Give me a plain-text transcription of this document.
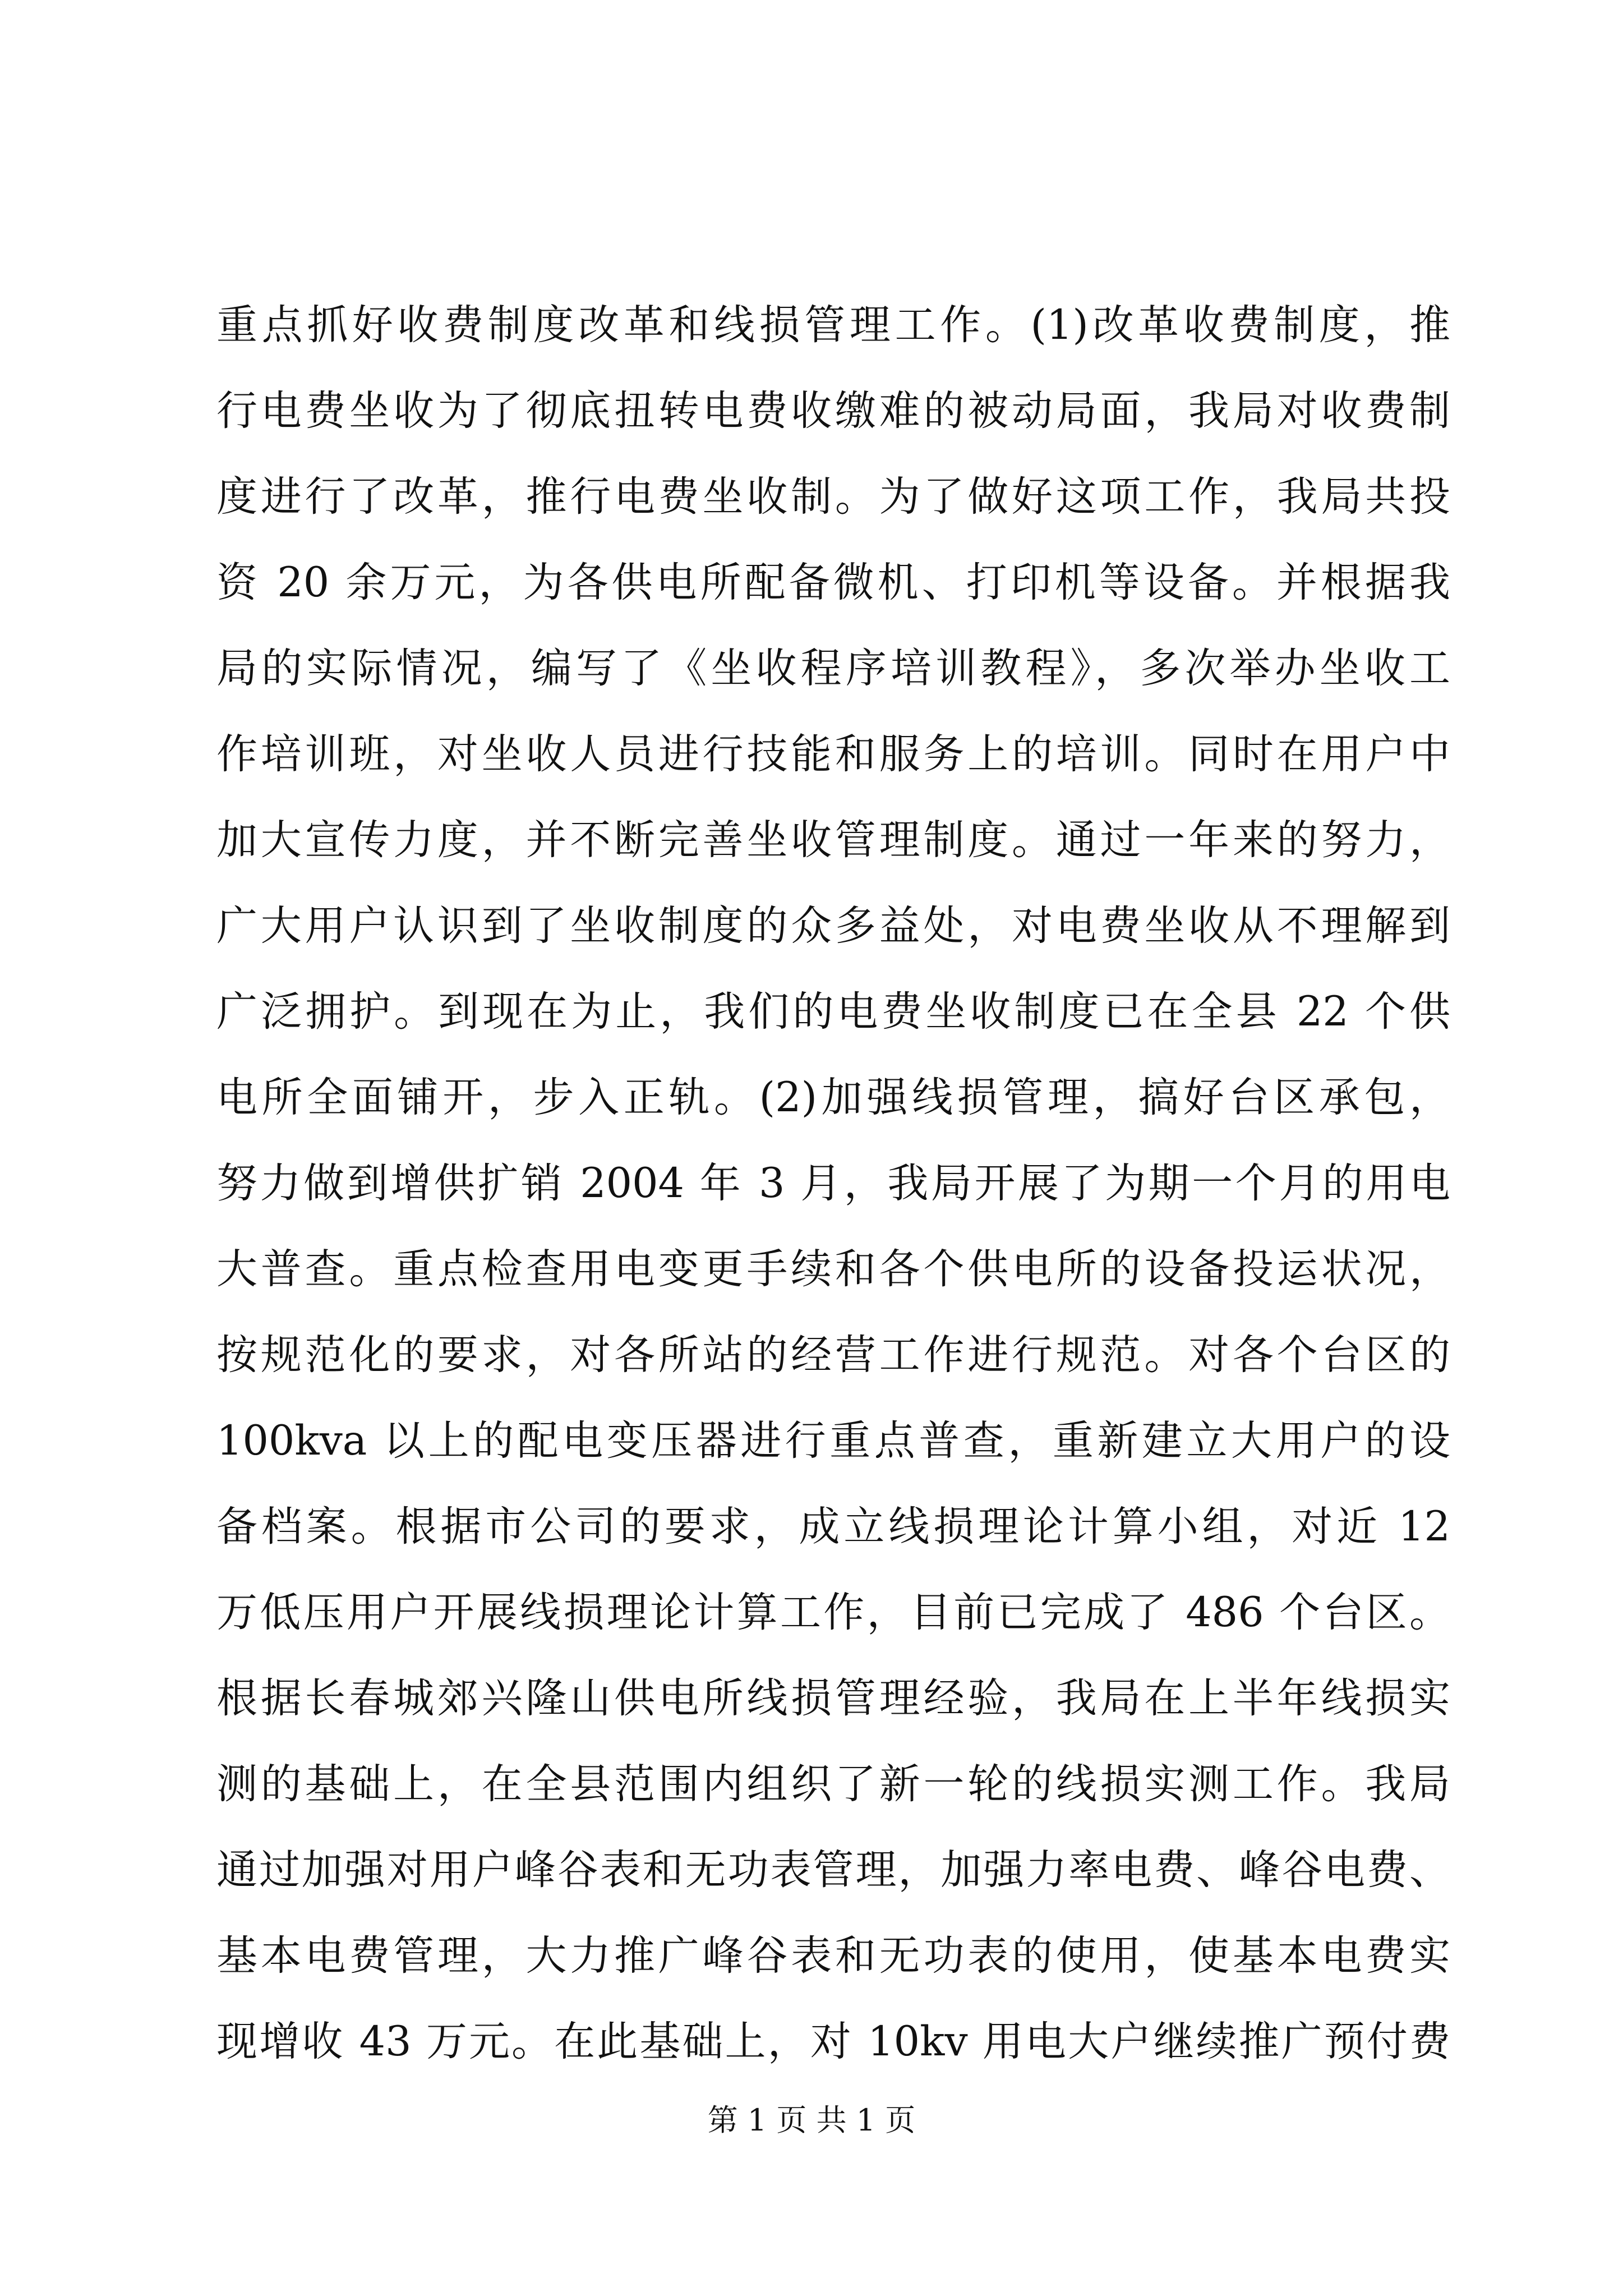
重点抓好收费制度改革和线损管理工作。(1)改革收费制度，推
行电费坐收为了彻底扭转电费收缴难的被动局面，我局对收费制
度进行了改革，推行电费坐收制。为了做好这项工作，我局共投
资 20 余万元，为各供电所配备微机、打印机等设备。并根据我
局的实际情况，编写了《坐收程序培训教程》，多次举办坐收工
作培训班，对坐收人员进行技能和服务上的培训。同时在用户中
加大宣传力度，并不断完善坐收管理制度。通过一年来的努力，
广大用户认识到了坐收制度的众多益处，对电费坐收从不理解到
广泛拥护。到现在为止，我们的电费坐收制度已在全县 22 个供
电所全面铺开，步入正轨。(2)加强线损管理，搞好台区承包，
努力做到增供扩销 2004 年 3 月，我局开展了为期一个月的用电
大普查。重点检查用电变更手续和各个供电所的设备投运状况，
按规范化的要求，对各所站的经营工作进行规范。对各个台区的
100kva 以上的配电变压器进行重点普查，重新建立大用户的设
备档案。根据市公司的要求，成立线损理论计算小组，对近 12
万低压用户开展线损理论计算工作，目前已完成了 486 个台区。
根据长春城郊兴隆山供电所线损管理经验，我局在上半年线损实
测的基础上，在全县范围内组织了新一轮的线损实测工作。我局
通过加强对用户峰谷表和无功表管理，加强力率电费、峰谷电费、
基本电费管理，大力推广峰谷表和无功表的使用，使基本电费实
现增收 43 万元。在此基础上，对 10kv 用电大户继续推广预付费
第 1 页 共 1 页
